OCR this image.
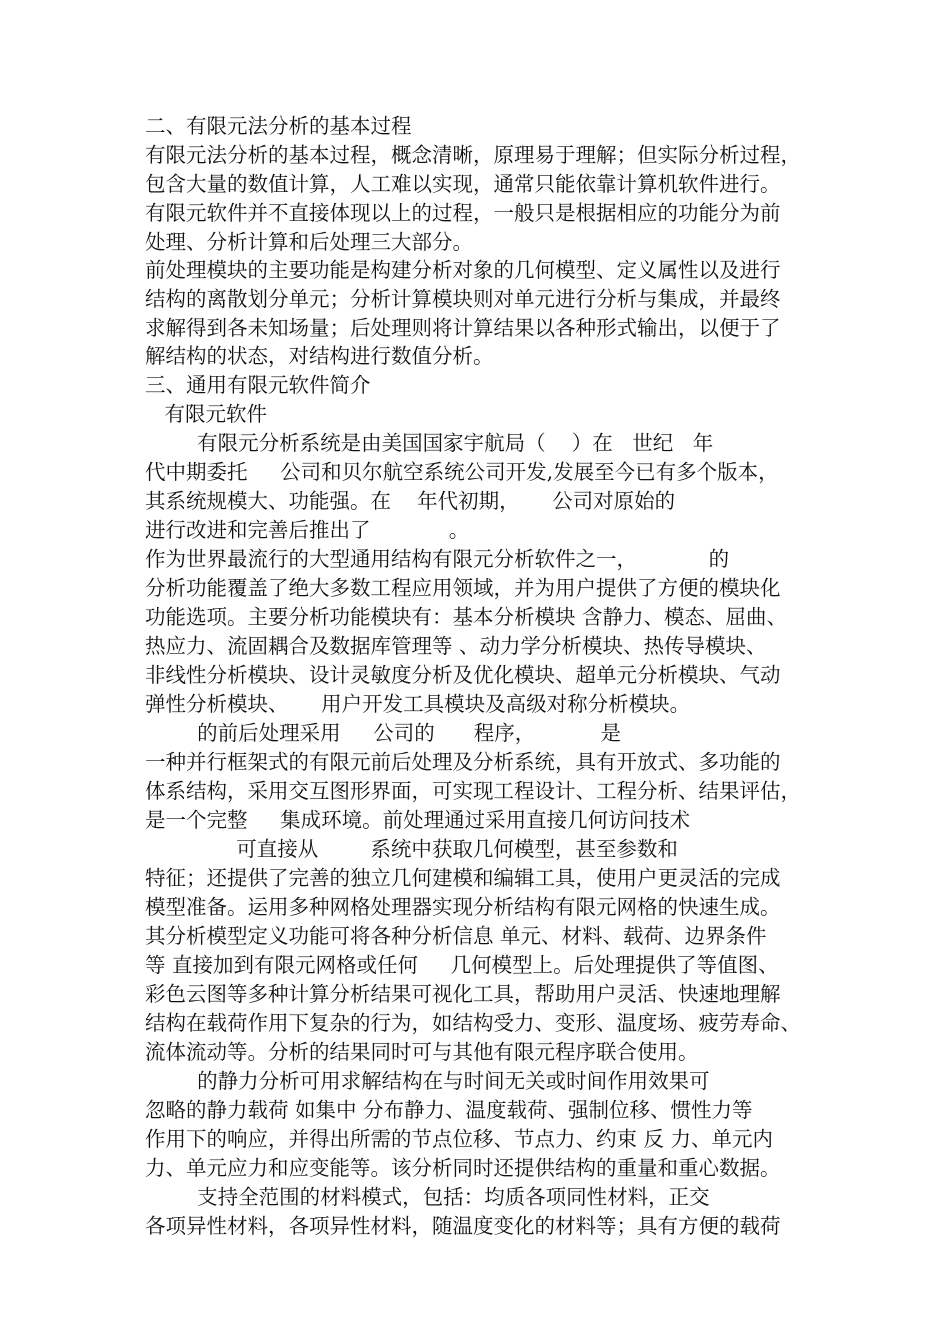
二、有限元法分析的基本过程
有限元法分析的基本过程，概念清晰，原理易于理解；但实际分析过程，
包含大量的数值计算，人工难以实现，通常只能依靠计算机软件进行。
有限元软件并不直接体现以上的过程，一般只是根据相应的功能分为前
处理、分析计算和后处理三大部分。
前处理模块的主要功能是构建分析对象的几何模型、定义属性以及进行
结构的离散划分单元；分析计算模块则对单元进行分析与集成，并最终
求解得到各未知场量；后处理则将计算结果以各种形式输出，以便于了
解结构的状态，对结构进行数值分析。
三、通用有限元软件简介
有限元软件
有限元分析系统是由美国国家宇航局（    ）在   世纪   年
代中期委托     公司和贝尔航空系统公司开发,发展至今已有多个版本，
其系统规模大、功能强。在    年代初期，     公司对原始的
进行改进和完善后推出了            。
作为世界最流行的大型通用结构有限元分析软件之一，           的
分析功能覆盖了绝大多数工程应用领域，并为用户提供了方便的模块化
功能选项。主要分析功能模块有：基本分析模块 含静力、模态、屈曲、
热应力、流固耦合及数据库管理等 、动力学分析模块、热传导模块、
非线性分析模块、设计灵敏度分析及优化模块、超单元分析模块、气动
弹性分析模块、     用户开发工具模块及高级对称分析模块。
的前后处理采用     公司的      程序，          是
一种并行框架式的有限元前后处理及分析系统，具有开放式、多功能的
体系结构，采用交互图形界面，可实现工程设计、工程分析、结果评估，
是一个完整     集成环境。前处理通过采用直接几何访问技术
可直接从        系统中获取几何模型，甚至参数和
特征；还提供了完善的独立几何建模和编辑工具，使用户更灵活的完成
模型准备。运用多种网格处理器实现分析结构有限元网格的快速生成。
其分析模型定义功能可将各种分析信息 单元、材料、载荷、边界条件
等 直接加到有限元网格或任何     几何模型上。后处理提供了等值图、
彩色云图等多种计算分析结果可视化工具，帮助用户灵活、快速地理解
结构在载荷作用下复杂的行为，如结构受力、变形、温度场、疲劳寿命、
流体流动等。分析的结果同时可与其他有限元程序联合使用。
的静力分析可用求解结构在与时间无关或时间作用效果可
忽略的静力载荷 如集中 分布静力、温度载荷、强制位移、惯性力等
作用下的响应，并得出所需的节点位移、节点力、约束 反 力、单元内
力、单元应力和应变能等。该分析同时还提供结构的重量和重心数据。
支持全范围的材料模式，包括：均质各项同性材料，正交
各项异性材料，各项异性材料，随温度变化的材料等；具有方便的载荷
